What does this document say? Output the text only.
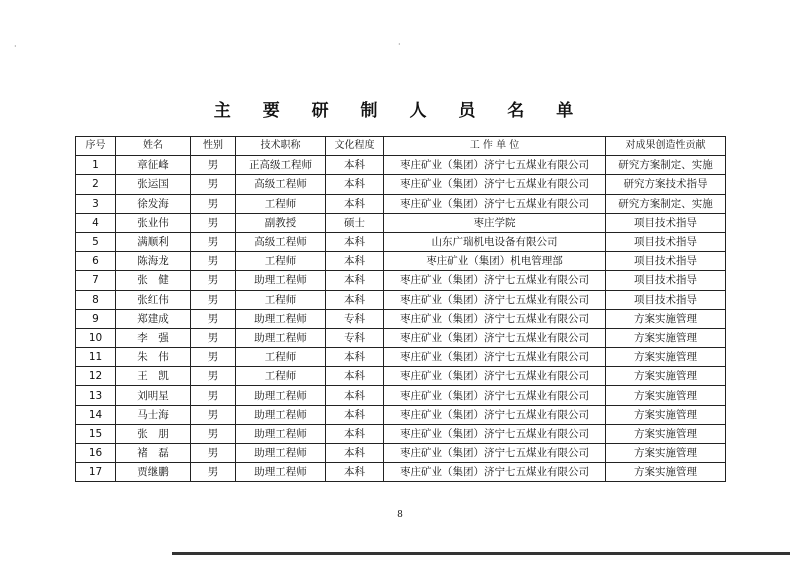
主 要 研 制 人 员 名 单
序号	姓名	性别	技术职称	文化程度	工 作 单 位	对成果创造性贡献
1	章征峰	男	正高级工程师	本科	枣庄矿业（集团）济宁七五煤业有限公司	研究方案制定、实施
2	张运国	男	高级工程师	本科	枣庄矿业（集团）济宁七五煤业有限公司	研究方案技术指导
3	徐发海	男	工程师	本科	枣庄矿业（集团）济宁七五煤业有限公司	研究方案制定、实施
4	张业伟	男	副教授	硕士	枣庄学院	项目技术指导
5	满顺利	男	高级工程师	本科	山东广瑞机电设备有限公司	项目技术指导
6	陈海龙	男	工程师	本科	枣庄矿业（集团）机电管理部	项目技术指导
7	张　健	男	助理工程师	本科	枣庄矿业（集团）济宁七五煤业有限公司	项目技术指导
8	张红伟	男	工程师	本科	枣庄矿业（集团）济宁七五煤业有限公司	项目技术指导
9	郑建成	男	助理工程师	专科	枣庄矿业（集团）济宁七五煤业有限公司	方案实施管理
10	李　强	男	助理工程师	专科	枣庄矿业（集团）济宁七五煤业有限公司	方案实施管理
11	朱　伟	男	工程师	本科	枣庄矿业（集团）济宁七五煤业有限公司	方案实施管理
12	王　凯	男	工程师	本科	枣庄矿业（集团）济宁七五煤业有限公司	方案实施管理
13	刘明星	男	助理工程师	本科	枣庄矿业（集团）济宁七五煤业有限公司	方案实施管理
14	马士海	男	助理工程师	本科	枣庄矿业（集团）济宁七五煤业有限公司	方案实施管理
15	张　朋	男	助理工程师	本科	枣庄矿业（集团）济宁七五煤业有限公司	方案实施管理
16	褚　磊	男	助理工程师	本科	枣庄矿业（集团）济宁七五煤业有限公司	方案实施管理
17	贾继鹏	男	助理工程师	本科	枣庄矿业（集团）济宁七五煤业有限公司	方案实施管理
8
·	·
